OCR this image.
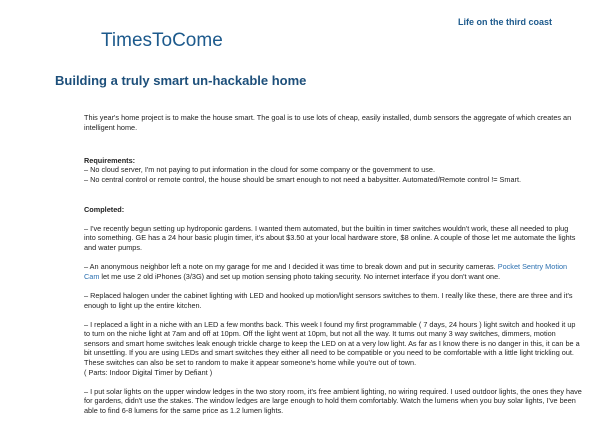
TimesToCome
Life on the third coast
Building a truly smart un-hackable home

This year's home project is to make the house smart. The goal is to use lots of cheap, easily installed, dumb sensors the aggregate of which creates an intelligent home.

Requirements:
– No cloud server, I'm not paying to put information in the cloud for some company or the government to use.
– No central control or remote control, the house should be smart enough to not need a babysitter. Automated/Remote control != Smart.

Completed:

– I've recently begun setting up hydroponic gardens. I wanted them automated, but the builtin in timer switches wouldn't work, these all needed to plug into something. GE has a 24 hour basic plugin timer, it's about $3.50 at your local hardware store, $8 online. A couple of those let me automate the lights and water pumps.

– An anonymous neighbor left a note on my garage for me and I decided it was time to break down and put in security cameras. Pocket Sentry Motion Cam let me use 2 old iPhones (3/3G) and set up motion sensing photo taking security. No internet interface if you don't want one.

– Replaced halogen under the cabinet lighting with LED and hooked up motion/light sensors switches to them. I really like these, there are three and it's enough to light up the entire kitchen.

– I replaced a light in a niche with an LED a few months back. This week I found my first programmable ( 7 days, 24 hours ) light switch and hooked it up to turn on the niche light at 7am and off at 10pm. Off the light went at 10pm, but not all the way. It turns out many 3 way switches, dimmers, motion sensors and smart home switches leak enough trickle charge to keep the LED on at a very low light. As far as I know there is no danger in this, it can be a bit unsettling. If you are using LEDs and smart switches they either all need to be compatible or you need to be comfortable with a little light trickling out. These switches can also be set to random to make it appear someone's home while you're out of town.
( Parts: Indoor Digital Timer by Defiant )

– I put solar lights on the upper window ledges in the two story room, it's free ambient lighting, no wiring required. I used outdoor lights, the ones they have for gardens, didn't use the stakes. The window ledges are large enough to hold them comfortably. Watch the lumens when you buy solar lights, I've been able to find 6-8 lumens for the same price as 1.2 lumen lights.
